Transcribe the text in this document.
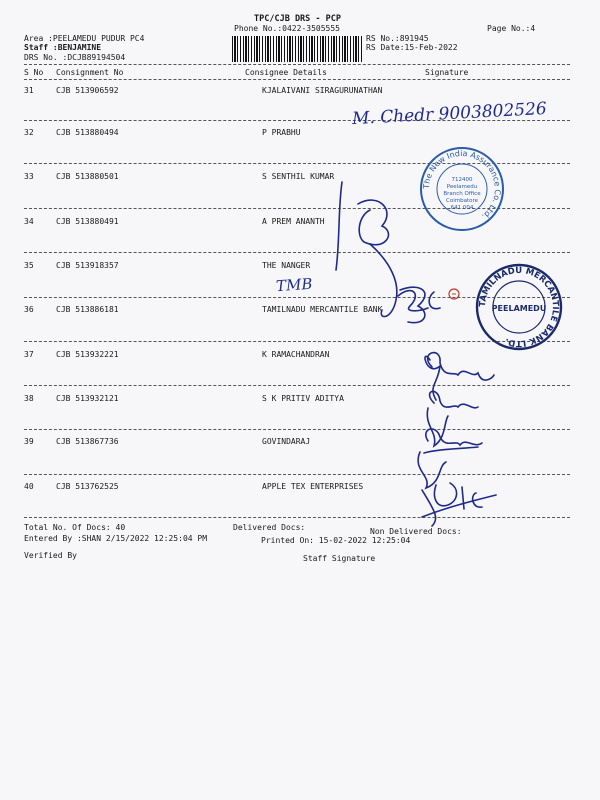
TPC/CJB DRS - PCP
Phone No.:0422-3505555
Area :PEELAMEDU PUDUR PC4
Staff :BENJAMINE
DRS No. :DCJB89194504
RS No.:891945
RS Date:15-Feb-2022
Page No.:4
S No Consignment No	Consignee Details	Signature
31	CJB 513906592	KJALAIVANI SIRAGURUNATHAN
32	CJB 513880494	P PRABHU
33	CJB 513880501	S SENTHIL KUMAR
34	CJB 513880491	A PREM ANANTH
35	CJB 513918357	THE NANGER
36	CJB 513886181	TAMILNADU MERCANTILE BANK
37	CJB 513932221	K RAMACHANDRAN
38	CJB 513932121	S K PRITIV ADITYA
39	CJB 513867736	GOVINDARAJ
40	CJB 513762525	APPLE TEX ENTERPRISES
Total No. Of Docs: 40	Delivered Docs:	Non Delivered Docs:
Entered By :SHAN 2/15/2022 12:25:04 PM	Printed On: 15-02-2022 12:25:04
Verified By	Staff Signature
M. Chedr 9003802526
TMB
The New India Assurance Co. Ltd.
712400
Peelamedu
Branch Office
Coimbatore
641 004
TAMILNADU MERCANTILE BANK LTD.
PEELAMEDU
